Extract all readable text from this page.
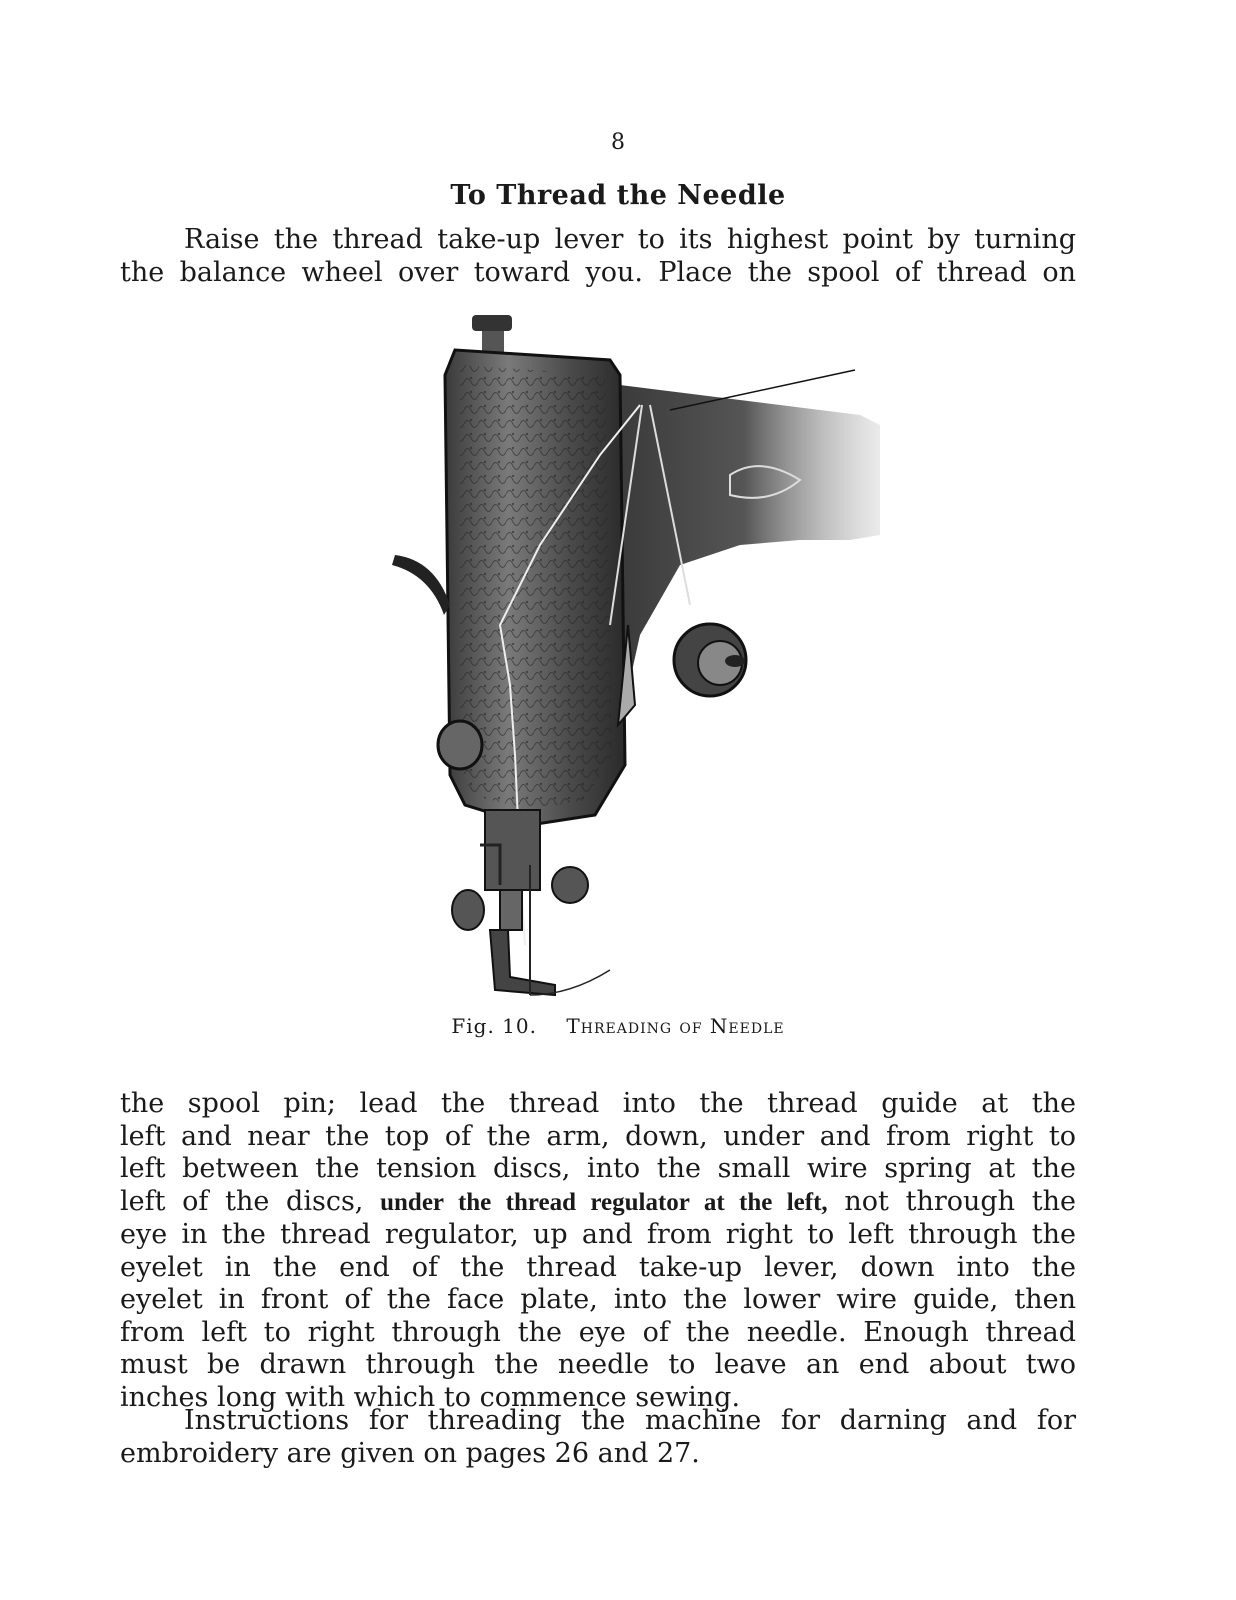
8
To Thread the Needle
Raise the thread take-up lever to its highest point by turning
the balance wheel over toward you. Place the spool of thread on
Fig. 10. Threading of Needle
the spool pin; lead the thread into the thread guide at the
left and near the top of the arm, down, under and from right to
left between the tension discs, into the small wire spring at the
left of the discs, under the thread regulator at the left, not through the
eye in the thread regulator, up and from right to left through the
eyelet in the end of the thread take-up lever, down into the
eyelet in front of the face plate, into the lower wire guide, then
from left to right through the eye of the needle. Enough thread
must be drawn through the needle to leave an end about two
inches long with which to commence sewing.
Instructions for threading the machine for darning and for
embroidery are given on pages 26 and 27.
